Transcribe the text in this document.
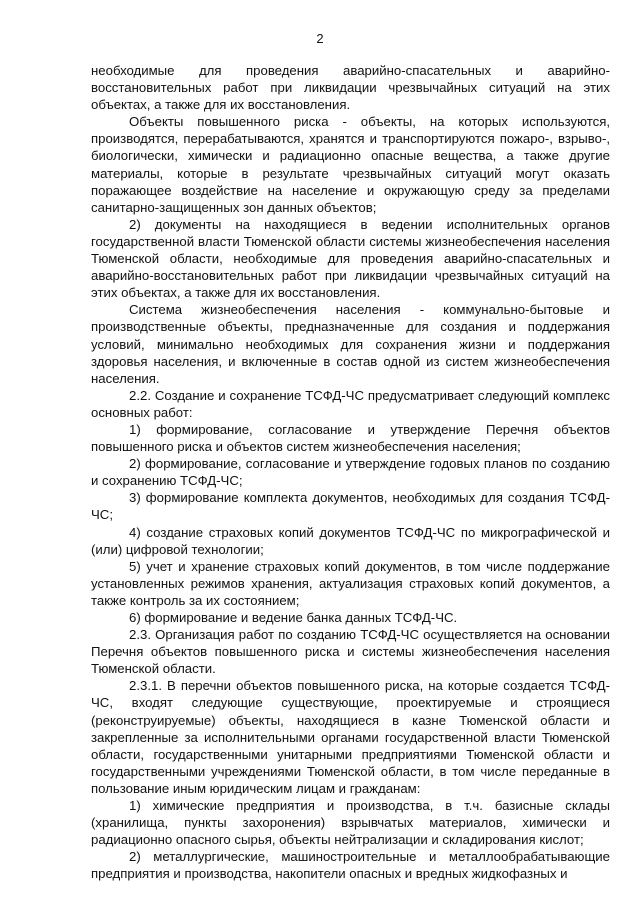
2

необходимые для проведения аварийно-спасательных и аварийно-восстановительных работ при ликвидации чрезвычайных ситуаций на этих объектах, а также для их восстановления.

Объекты повышенного риска - объекты, на которых используются, производятся, перерабатываются, хранятся и транспортируются пожаро-, взрыво-, биологически, химически и радиационно опасные вещества, а также другие материалы, которые в результате чрезвычайных ситуаций могут оказать поражающее воздействие на население и окружающую среду за пределами санитарно-защищенных зон данных объектов;

2) документы на находящиеся в ведении исполнительных органов государственной власти Тюменской области системы жизнеобеспечения населения Тюменской области, необходимые для проведения аварийно-спасательных и аварийно-восстановительных работ при ликвидации чрезвычайных ситуаций на этих объектах, а также для их восстановления.

Система жизнеобеспечения населения - коммунально-бытовые и производственные объекты, предназначенные для создания и поддержания условий, минимально необходимых для сохранения жизни и поддержания здоровья населения, и включенные в состав одной из систем жизнеобеспечения населения.

2.2. Создание и сохранение ТСФД-ЧС предусматривает следующий комплекс основных работ:

1) формирование, согласование и утверждение Перечня объектов повышенного риска и объектов систем жизнеобеспечения населения;

2) формирование, согласование и утверждение годовых планов по созданию и сохранению ТСФД-ЧС;

3) формирование комплекта документов, необходимых для создания ТСФД-ЧС;

4) создание страховых копий документов ТСФД-ЧС по микрографической и (или) цифровой технологии;

5) учет и хранение страховых копий документов, в том числе поддержание установленных режимов хранения, актуализация страховых копий документов, а также контроль за их состоянием;

6) формирование и ведение банка данных ТСФД-ЧС.

2.3. Организация работ по созданию ТСФД-ЧС осуществляется на основании Перечня объектов повышенного риска и системы жизнеобеспечения населения Тюменской области.

2.3.1. В перечни объектов повышенного риска, на которые создается ТСФД-ЧС, входят следующие существующие, проектируемые и строящиеся (реконструируемые) объекты, находящиеся в казне Тюменской области и закрепленные за исполнительными органами государственной власти Тюменской области, государственными унитарными предприятиями Тюменской области и государственными учреждениями Тюменской области, в том числе переданные в пользование иным юридическим лицам и гражданам:

1) химические предприятия и производства, в т.ч. базисные склады (хранилища, пункты захоронения) взрывчатых материалов, химически и радиационно опасного сырья, объекты нейтрализации и складирования кислот;

2) металлургические, машиностроительные и металлообрабатывающие предприятия и производства, накопители опасных и вредных жидкофазных и
